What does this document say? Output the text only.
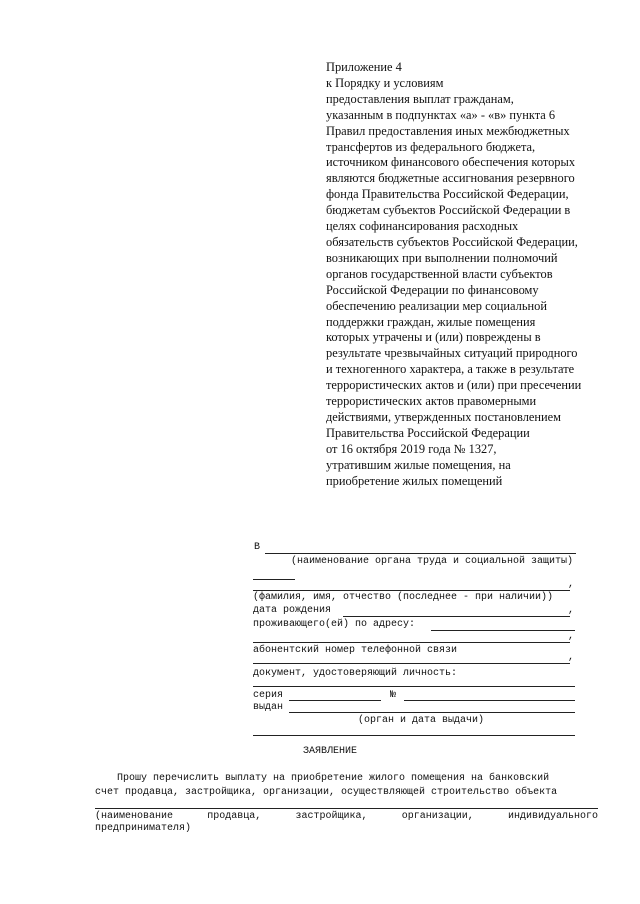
Приложение 4
к Порядку и условиям
предоставления выплат гражданам,
указанным в подпунктах «а» - «в» пункта 6
Правил предоставления иных межбюджетных
трансфертов из федерального бюджета,
источником финансового обеспечения которых
являются бюджетные ассигнования резервного
фонда Правительства Российской Федерации,
бюджетам субъектов Российской Федерации в
целях софинансирования расходных
обязательств субъектов Российской Федерации,
возникающих при выполнении полномочий
органов государственной власти субъектов
Российской Федерации по финансовому
обеспечению реализации мер социальной
поддержки граждан, жилые помещения
которых утрачены и (или) повреждены в
результате чрезвычайных ситуаций природного
и техногенного характера, а также в результате
террористических актов и (или) при пресечении
террористических актов правомерными
действиями, утвержденных постановлением
Правительства Российской Федерации
от 16 октября 2019 года № 1327,
утратившим жилые помещения, на
приобретение жилых помещений
В
(наименование органа труда и социальной защиты)
,
(фамилия, имя, отчество (последнее - при наличии))
дата рождения	,
проживающего(ей) по адресу:
,
абонентский номер телефонной связи
,
документ, удостоверяющий личность:
серия	№
выдан
(орган и дата выдачи)
ЗАЯВЛЕНИЕ
Прошу перечислить выплату на приобретение жилого помещения на банковский
счет продавца, застройщика, организации, осуществляющей строительство объекта
(наименование	продавца,	застройщика,	организации,	индивидуального
предпринимателя)
